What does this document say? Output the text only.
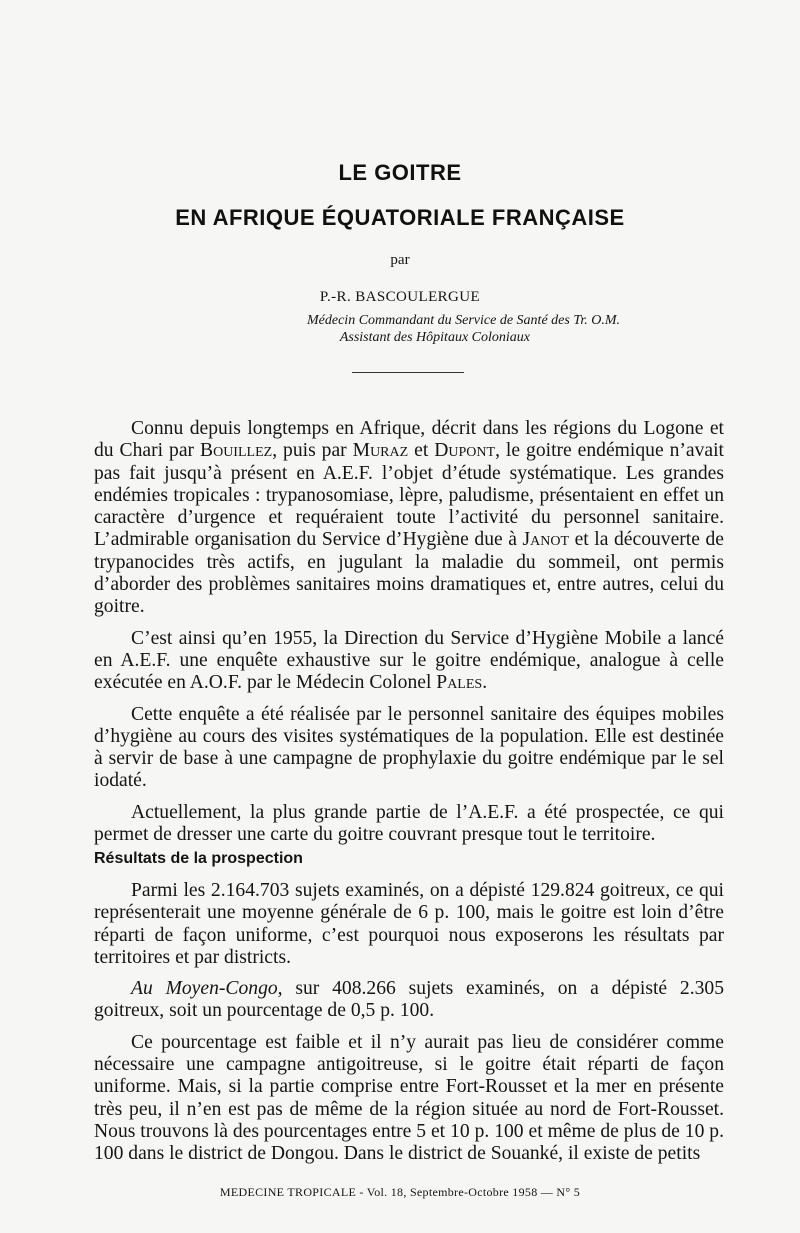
LE GOITRE
EN AFRIQUE ÉQUATORIALE FRANÇAISE
par
P.-R. BASCOULERGUE
Médecin Commandant du Service de Santé des Tr. O.M.
Assistant des Hôpitaux Coloniaux

Connu depuis longtemps en Afrique, décrit dans les régions du Logone et du Chari par Bouillez, puis par Muraz et Dupont, le goitre endémique n’avait pas fait jusqu’à présent en A.E.F. l’objet d’étude systématique. Les grandes endémies tropicales : trypanosomiase, lèpre, paludisme, présentaient en effet un caractère d’urgence et requéraient toute l’activité du personnel sanitaire. L’admirable organisation du Service d’Hygiène due à Janot et la découverte de trypanocides très actifs, en jugulant la maladie du sommeil, ont permis d’aborder des problèmes sanitaires moins dramatiques et, entre autres, celui du goitre.

C’est ainsi qu’en 1955, la Direction du Service d’Hygiène Mobile a lancé en A.E.F. une enquête exhaustive sur le goitre endémique, analogue à celle exécutée en A.O.F. par le Médecin Colonel Pales.

Cette enquête a été réalisée par le personnel sanitaire des équipes mobiles d’hygiène au cours des visites systématiques de la population. Elle est destinée à servir de base à une campagne de prophylaxie du goitre endémique par le sel iodaté.

Actuellement, la plus grande partie de l’A.E.F. a été prospectée, ce qui permet de dresser une carte du goitre couvrant presque tout le territoire.

Résultats de la prospection

Parmi les 2.164.703 sujets examinés, on a dépisté 129.824 goitreux, ce qui représenterait une moyenne générale de 6 p. 100, mais le goitre est loin d’être réparti de façon uniforme, c’est pourquoi nous exposerons les résultats par territoires et par districts.

Au Moyen-Congo, sur 408.266 sujets examinés, on a dépisté 2.305 goitreux, soit un pourcentage de 0,5 p. 100.

Ce pourcentage est faible et il n’y aurait pas lieu de considérer comme nécessaire une campagne antigoitreuse, si le goitre était réparti de façon uniforme. Mais, si la partie comprise entre Fort-Rousset et la mer en présente très peu, il n’en est pas de même de la région située au nord de Fort-Rousset. Nous trouvons là des pourcentages entre 5 et 10 p. 100 et même de plus de 10 p. 100 dans le district de Dongou. Dans le district de Souanké, il existe de petits

MEDECINE TROPICALE - Vol. 18, Septembre-Octobre 1958 — N° 5
